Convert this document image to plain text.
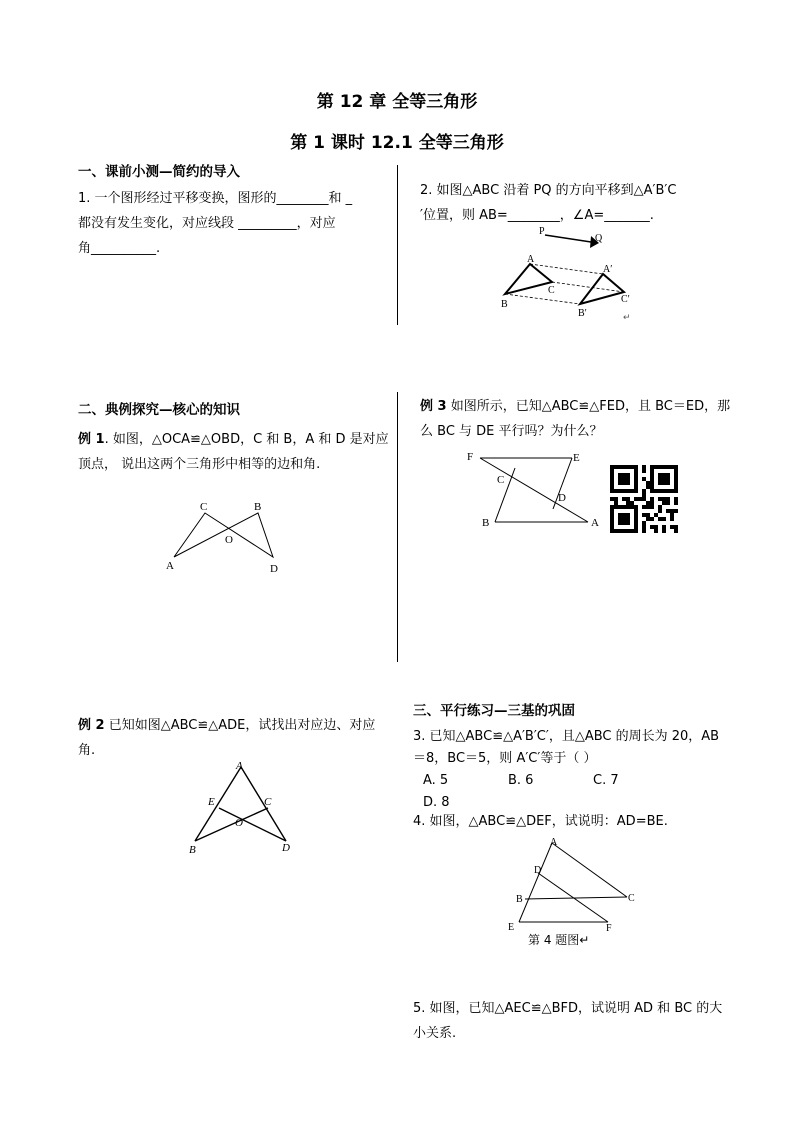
第 12 章 全等三角形
第 1 课时 12.1 全等三角形
一、课前小测—简约的导入
1. 一个图形经过平移变换，图形的________和 _
都没有发生变化，对应线段 _________，对应
角__________.
2. 如图△ABC 沿着 PQ 的方向平移到△A′B′C
′位置，则 AB=________，∠A=_______.
P
Q
A
A′
C
B	C′
B′	↵
二、典例探究—核心的知识
例 1. 如图，△OCA≌△OBD，C 和 B，A 和 D 是对应
顶点， 说出这两个三角形中相等的边和角.
C	B
O
A	D
例 3 如图所示，已知△ABC≌△FED，且 BC＝ED，那
么 BC 与 DE 平行吗？为什么？
F	E
C
D
B	A
例 2 已知如图△ABC≌△ADE，试找出对应边、对应
角.
A
E	C
O
B	D
三、平行练习—三基的巩固
3. 已知△ABC≌△A′B′C′，且△ABC 的周长为 20，AB
＝8，BC＝5，则 A′C′等于（ ）
A. 5	B. 6	C. 7D. 8
4. 如图，△ABC≌△DEF，试说明：AD=BE.
A
D
B	C
E	F
第 4 题图↵
5. 如图，已知△AEC≌△BFD，试说明 AD 和 BC 的大
小关系.
